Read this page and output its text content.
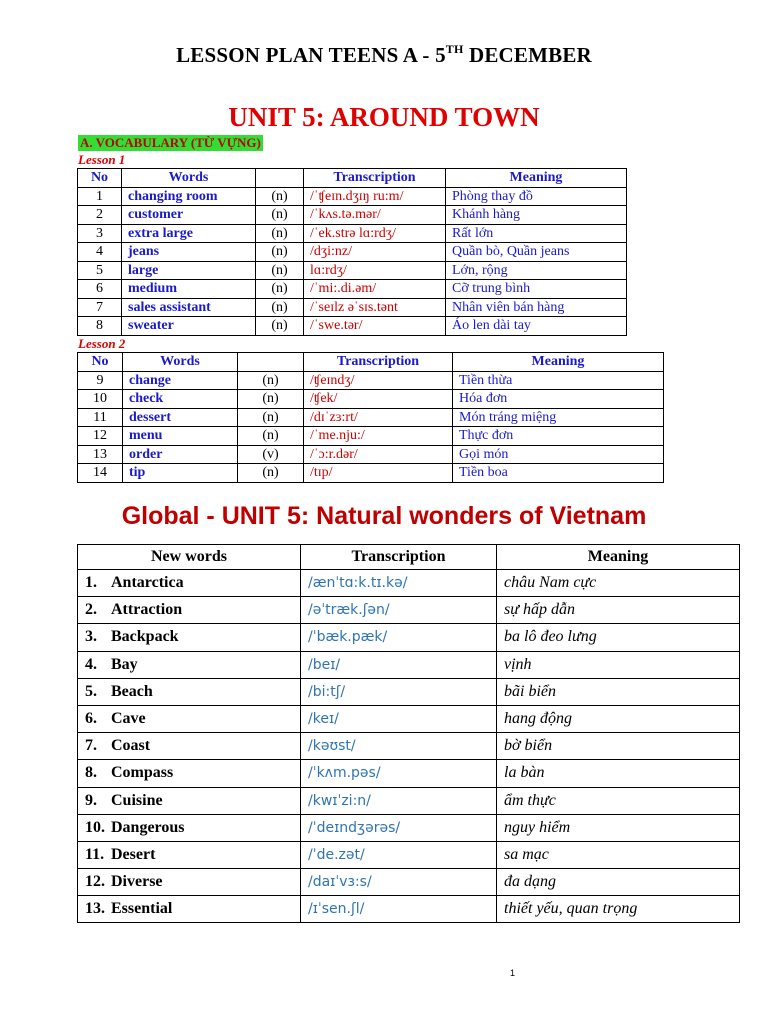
LESSON PLAN TEENS A - 5TH DECEMBER
UNIT 5: AROUND TOWN
A. VOCABULARY (TỪ VỰNG)
Lesson 1
No	Words		Transcription	Meaning
1	changing room	(n)	/ˈʧeɪn.dʒɪŋ ru:m/	Phòng thay đồ
2	customer	(n)	/ˈkʌs.tə.mər/	Khánh hàng
3	extra large	(n)	/ˈek.strə lɑ:rdʒ/	Rất lớn
4	jeans	(n)	/dʒi:nz/	Quần bò, Quần jeans
5	large	(n)	lɑ:rdʒ/	Lớn, rộng
6	medium	(n)	/ˈmi:.di.əm/	Cỡ trung bình
7	sales assistant	(n)	/ˈseɪlz əˈsɪs.tənt	Nhân viên bán hàng
8	sweater	(n)	/ˈswe.tər/	Áo len dài tay
Lesson 2
No	Words		Transcription	Meaning
9	change	(n)	/ʧeɪndʒ/	Tiền thừa
10	check	(n)	/ʧek/	Hóa đơn
11	dessert	(n)	/dɪˈzɜ:rt/	Món tráng miệng
12	menu	(n)	/ˈme.nju:/	Thực đơn
13	order	(v)	/ˈɔ:r.dər/	Gọi món
14	tip	(n)	/tɪp/	Tiền boa
Global - UNIT 5: Natural wonders of Vietnam
New words	Transcription	Meaning
1. Antarctica	/ænˈtɑ:k.tɪ.kə/	châu Nam cực
2. Attraction	/əˈtræk.ʃən/	sự hấp dẫn
3. Backpack	/ˈbæk.pæk/	ba lô đeo lưng
4. Bay	/beɪ/	vịnh
5. Beach	/bi:tʃ/	bãi biển
6. Cave	/keɪ/	hang động
7. Coast	/kəʊst/	bờ biển
8. Compass	/ˈkʌm.pəs/	la bàn
9. Cuisine	/kwɪˈzi:n/	ẩm thực
10. Dangerous	/ˈdeɪndʒərəs/	nguy hiểm
11. Desert	/ˈde.zət/	sa mạc
12. Diverse	/daɪˈvɜ:s/	đa dạng
13. Essential	/ɪˈsen.ʃl/	thiết yếu, quan trọng
1
